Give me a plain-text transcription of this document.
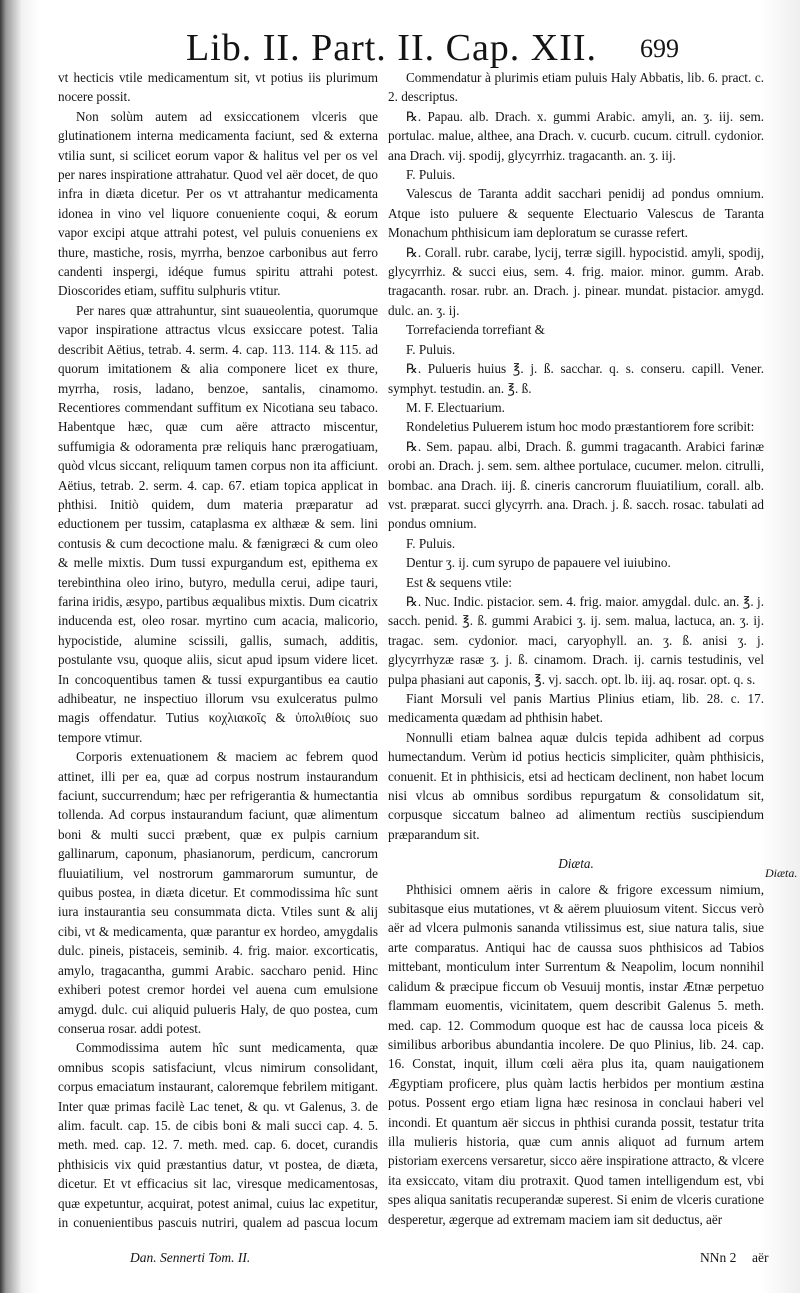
Lib. II. Part. II. Cap. XII. 699

vt hecticis vtile medicamentum sit, vt potius iis plurimum nocere possit.

Non solùm autem ad exsiccationem vlceris que glutinationem interna medicamenta faciunt, sed & externa vtilia sunt, si scilicet eorum vapor & halitus vel per os vel per nares inspiratione attrahatur. Quod vel aër docet, de quo infra in diæta dicetur. Per os vt attrahantur medicamenta idonea in vino vel liquore conueniente coqui, & eorum vapor excipi atque attrahi potest, vel puluis conueniens ex thure, mastiche, rosis, myrrha, benzoe carbonibus aut ferro candenti inspergi, idéque fumus spiritu attrahi potest. Dioscorides etiam, suffitu sulphuris vtitur.

Per nares quæ attrahuntur, sint suaueolentia, quorumque vapor inspiratione attractus vlcus exsiccare potest. Talia describit Aëtius, tetrab. 4. serm. 4. cap. 113. 114. & 115. ad quorum imitationem & alia componere licet ex thure, myrrha, rosis, ladano, benzoe, santalis, cinamomo. Recentiores commendant suffitum ex Nicotiana seu tabaco. Habentque hæc, quæ cum aëre attracto miscentur, suffumigia & odoramenta præ reliquis hanc prærogatiuam, quòd vlcus siccant, reliquum tamen corpus non ita afficiunt. Aëtius, tetrab. 2. serm. 4. cap. 67. etiam topica applicat in phthisi. Initiò quidem, dum materia præparatur ad eductionem per tussim, cataplasma ex althææ & sem. lini contusis & cum decoctione malu. & fænigræci & cum oleo & melle mixtis. Dum tussi expurgandum est, epithema ex terebinthina oleo irino, butyro, medulla cerui, adipe tauri, farina iridis, æsypo, partibus æqualibus mixtis. Dum cicatrix inducenda est, oleo rosar. myrtino cum acacia, malicorio, hypocistide, alumine scissili, gallis, sumach, additis, postulante vsu, quoque aliis, sicut apud ipsum videre licet. In concoquentibus tamen & tussi expurgantibus ea cautio adhibeatur, ne inspectiuo illorum vsu exulceratus pulmo magis offendatur. Tutius κοχλιακοῖς & ὑπολιθίοις suo tempore vtimur.

Corporis extenuationem & maciem ac febrem quod attinet, illi per ea, quæ ad corpus nostrum instaurandum faciunt, succurrendum; hæc per refrigerantia & humectantia tollenda. Ad corpus instaurandum faciunt, quæ alimentum boni & multi succi præbent, quæ ex pulpis carnium gallinarum, caponum, phasianorum, perdicum, cancrorum fluuiatilium, vel nostrorum gammarorum sumuntur, de quibus postea, in diæta dicetur. Et commodissima hîc sunt iura instaurantia seu consummata dicta. Vtiles sunt & alij cibi, vt & medicamenta, quæ parantur ex hordeo, amygdalis dulc. pineis, pistaceis, seminib. 4. frig. maior. excorticatis, amylo, tragacantha, gummi Arabic. saccharo penid. Hinc exhiberi potest cremor hordei vel auena cum emulsione amygd. dulc. cui aliquid pulueris Haly, de quo postea, cum conserua rosar. addi potest.

Commodissima autem hîc sunt medicamenta, quæ omnibus scopis satisfaciunt, vlcus nimirum consolidant, corpus emaciatum instaurant, caloremque febrilem mitigant. Inter quæ primas facilè Lac tenet, & qu. vt Galenus, 3. de alim. facult. cap. 15. de cibis boni & mali succi cap. 4. 5. meth. med. cap. 12. 7. meth. med. cap. 6. docet, curandis phthisicis vix quid præstantius datur, vt postea, de diæta, dicetur. Et vt efficacius sit lac, viresque medicamentosas, quæ expetuntur, acquirat, potest animal, cuius lac expetitur, in conuenientibus pascuis nutriri, qualem ad pascua locum

Commendatur à plurimis etiam puluis Haly Abbatis, lib. 6. pract. c. 2. descriptus.

℞. Papau. alb. Drach. x. gummi Arabic. amyli, an. ʒ. iij. sem. portulac. malue, althee, ana Drach. v. cucurb. cucum. citrull. cydonior. ana Drach. vij. spodij, glycyrrhiz. tragacanth. an. ʒ. iij.

F. Puluis.

Valescus de Taranta addit sacchari penidij ad pondus omnium. Atque isto puluere & sequente Electuario Valescus de Taranta Monachum phthisicum iam deploratum se curasse refert.

℞. Corall. rubr. carabe, lycij, terræ sigill. hypocistid. amyli, spodij, glycyrrhiz. & succi eius, sem. 4. frig. maior. minor. gumm. Arab. tragacanth. rosar. rubr. an. Drach. j. pinear. mundat. pistacior. amygd. dulc. an. ʒ. ij.

Torrefacienda torrefiant &

F. Puluis.

℞. Pulueris huius ℥. j. ß. sacchar. q. s. conseru. capill. Vener. symphyt. testudin. an. ℥. ß.

M. F. Electuarium.

Rondeletius Puluerem istum hoc modo præstantiorem fore scribit:

℞. Sem. papau. albi, Drach. ß. gummi tragacanth. Arabici farinæ orobi an. Drach. j. sem. sem. althee portulace, cucumer. melon. citrulli, bombac. ana Drach. iij. ß. cineris cancrorum fluuiatilium, corall. alb. vst. præparat. succi glycyrrh. ana. Drach. j. ß. sacch. rosac. tabulati ad pondus omnium.

F. Puluis.

Dentur ʒ. ij. cum syrupo de papauere vel iuiubino.

Est & sequens vtile:

℞. Nuc. Indic. pistacior. sem. 4. frig. maior. amygdal. dulc. an. ℥. j. sacch. penid. ℥. ß. gummi Arabici ʒ. ij. sem. malua, lactuca, an. ʒ. ij. tragac. sem. cydonior. maci, caryophyll. an. ʒ. ß. anisi ʒ. j. glycyrrhyzæ rasæ ʒ. j. ß. cinamom. Drach. ij. carnis testudinis, vel pulpa phasiani aut caponis, ℥. vj. sacch. opt. lb. iij. aq. rosar. opt. q. s.

Fiant Morsuli vel panis Martius Plinius etiam, lib. 28. c. 17. medicamenta quædam ad phthisin habet.

Nonnulli etiam balnea aquæ dulcis tepida adhibent ad corpus humectandum. Verùm id potius hecticis simpliciter, quàm phthisicis, conuenit. Et in phthisicis, etsi ad hecticam declinent, non habet locum nisi vlcus ab omnibus sordibus repurgatum & consolidatum sit, corpusque siccatum balneo ad alimentum rectiùs suscipiendum præparandum sit.

Diæta.

Phthisici omnem aëris in calore & frigore excessum nimium, subitasque eius mutationes, vt & aërem pluuiosum vitent. Siccus verò aër ad vlcera pulmonis sananda vtilissimus est, siue natura talis, siue arte comparatus. Antiqui hac de caussa suos phthisicos ad Tabios mittebant, monticulum inter Surrentum & Neapolim, locum nonnihil calidum & præcipue ficcum ob Vesuuij montis, instar Ætnæ perpetuo flammam euomentis, vicinitatem, quem describit Galenus 5. meth. med. cap. 12. Commodum quoque est hac de caussa loca piceis & similibus arboribus abundantia incolere. De quo Plinius, lib. 24. cap. 16. Constat, inquit, illum cœli aëra plus ita, quam nauigationem Ægyptiam proficere, plus quàm lactis herbidos per montium æstina potus. Possent ergo etiam ligna hæc resinosa in conclaui haberi vel incondi. Et quantum aër siccus in phthisi curanda possit, testatur trita illa mulieris historia, quæ cum annis aliquot ad furnum artem pistoriam exercens versaretur, sicco aëre inspiratione attracto, & vlcere ita exsiccato, vitam diu protraxit. Quod tamen intelligendum est, vbi spes aliqua sanitatis recuperandæ superest. Si enim de vlceris curatione desperetur, ægerque ad extremam maciem iam sit deductus, aër

Diæta.
Dan. Sennerti Tom. II.	NNn 2 aër
